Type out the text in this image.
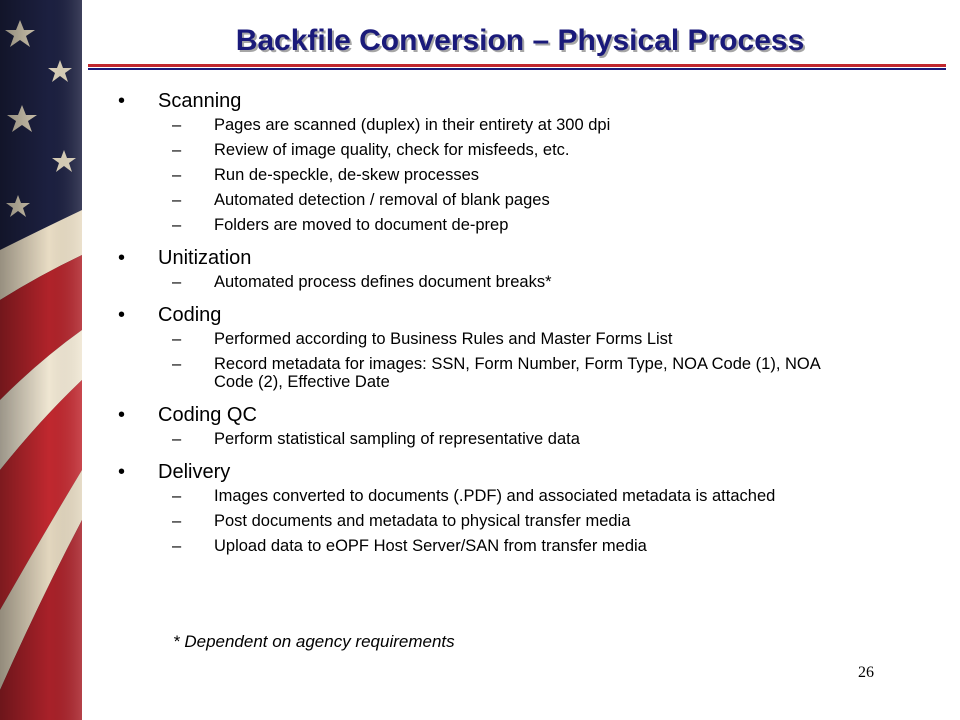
Backfile Conversion – Physical Process
•	Scanning
–	Pages are scanned (duplex) in their entirety at 300 dpi
–	Review of image quality, check for misfeeds, etc.
–	Run de-speckle, de-skew processes
–	Automated detection / removal of blank pages
–	Folders are moved to document de-prep
•	Unitization
–	Automated process defines document breaks*
•	Coding
–	Performed according to Business Rules and Master Forms List
–	Record metadata for images: SSN, Form Number, Form Type, NOA Code (1), NOA Code (2), Effective Date
•	Coding QC
–	Perform statistical sampling of representative data
•	Delivery
–	Images converted to documents (.PDF) and associated metadata is attached
–	Post documents and metadata to physical transfer media
–	Upload data to eOPF Host Server/SAN from transfer media
* Dependent on agency requirements
26
